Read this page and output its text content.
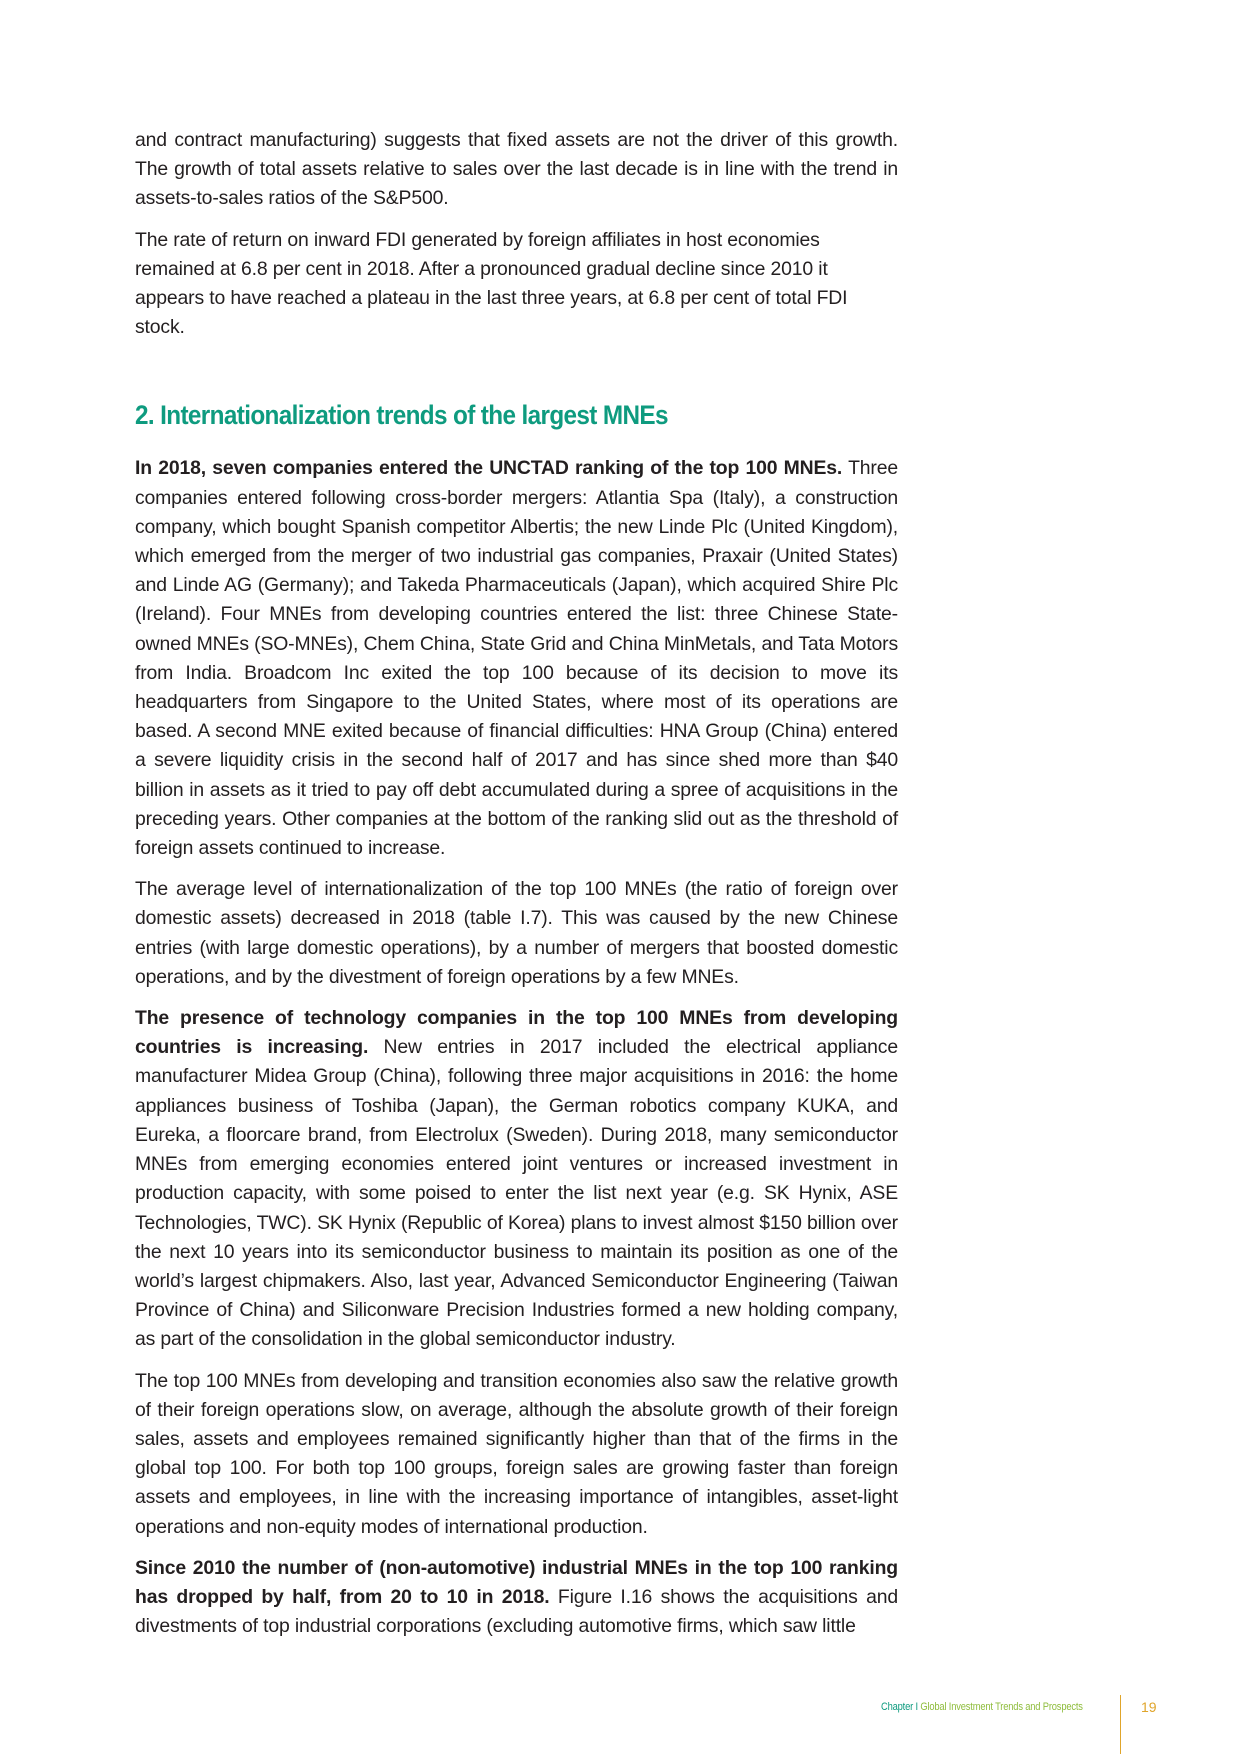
and contract manufacturing) suggests that fixed assets are not the driver of this growth. The growth of total assets relative to sales over the last decade is in line with the trend in assets-to-sales ratios of the S&P500.

The rate of return on inward FDI generated by foreign affiliates in host economies remained at 6.8 per cent in 2018. After a pronounced gradual decline since 2010 it appears to have reached a plateau in the last three years, at 6.8 per cent of total FDI stock.

2. Internationalization trends of the largest MNEs

In 2018, seven companies entered the UNCTAD ranking of the top 100 MNEs. Three companies entered following cross-border mergers: Atlantia Spa (Italy), a construction company, which bought Spanish competitor Albertis; the new Linde Plc (United Kingdom), which emerged from the merger of two industrial gas companies, Praxair (United States) and Linde AG (Germany); and Takeda Pharmaceuticals (Japan), which acquired Shire Plc (Ireland). Four MNEs from developing countries entered the list: three Chinese State-owned MNEs (SO-MNEs), Chem China, State Grid and China MinMetals, and Tata Motors from India. Broadcom Inc exited the top 100 because of its decision to move its headquarters from Singapore to the United States, where most of its operations are based. A second MNE exited because of financial difficulties: HNA Group (China) entered a severe liquidity crisis in the second half of 2017 and has since shed more than $40 billion in assets as it tried to pay off debt accumulated during a spree of acquisitions in the preceding years. Other companies at the bottom of the ranking slid out as the threshold of foreign assets continued to increase.

The average level of internationalization of the top 100 MNEs (the ratio of foreign over domestic assets) decreased in 2018 (table I.7). This was caused by the new Chinese entries (with large domestic operations), by a number of mergers that boosted domestic operations, and by the divestment of foreign operations by a few MNEs.

The presence of technology companies in the top 100 MNEs from developing countries is increasing. New entries in 2017 included the electrical appliance manufacturer Midea Group (China), following three major acquisitions in 2016: the home appliances business of Toshiba (Japan), the German robotics company KUKA, and Eureka, a floorcare brand, from Electrolux (Sweden). During 2018, many semiconductor MNEs from emerging economies entered joint ventures or increased investment in production capacity, with some poised to enter the list next year (e.g. SK Hynix, ASE Technologies, TWC). SK Hynix (Republic of Korea) plans to invest almost $150 billion over the next 10 years into its semiconductor business to maintain its position as one of the world’s largest chipmakers. Also, last year, Advanced Semiconductor Engineering (Taiwan Province of China) and Siliconware Precision Industries formed a new holding company, as part of the consolidation in the global semiconductor industry.

The top 100 MNEs from developing and transition economies also saw the relative growth of their foreign operations slow, on average, although the absolute growth of their foreign sales, assets and employees remained significantly higher than that of the firms in the global top 100. For both top 100 groups, foreign sales are growing faster than foreign assets and employees, in line with the increasing importance of intangibles, asset-light operations and non-equity modes of international production.

Since 2010 the number of (non-automotive) industrial MNEs in the top 100 ranking has dropped by half, from 20 to 10 in 2018. Figure I.16 shows the acquisitions and divestments of top industrial corporations (excluding automotive firms, which saw little

Chapter I Global Investment Trends and Prospects	19
